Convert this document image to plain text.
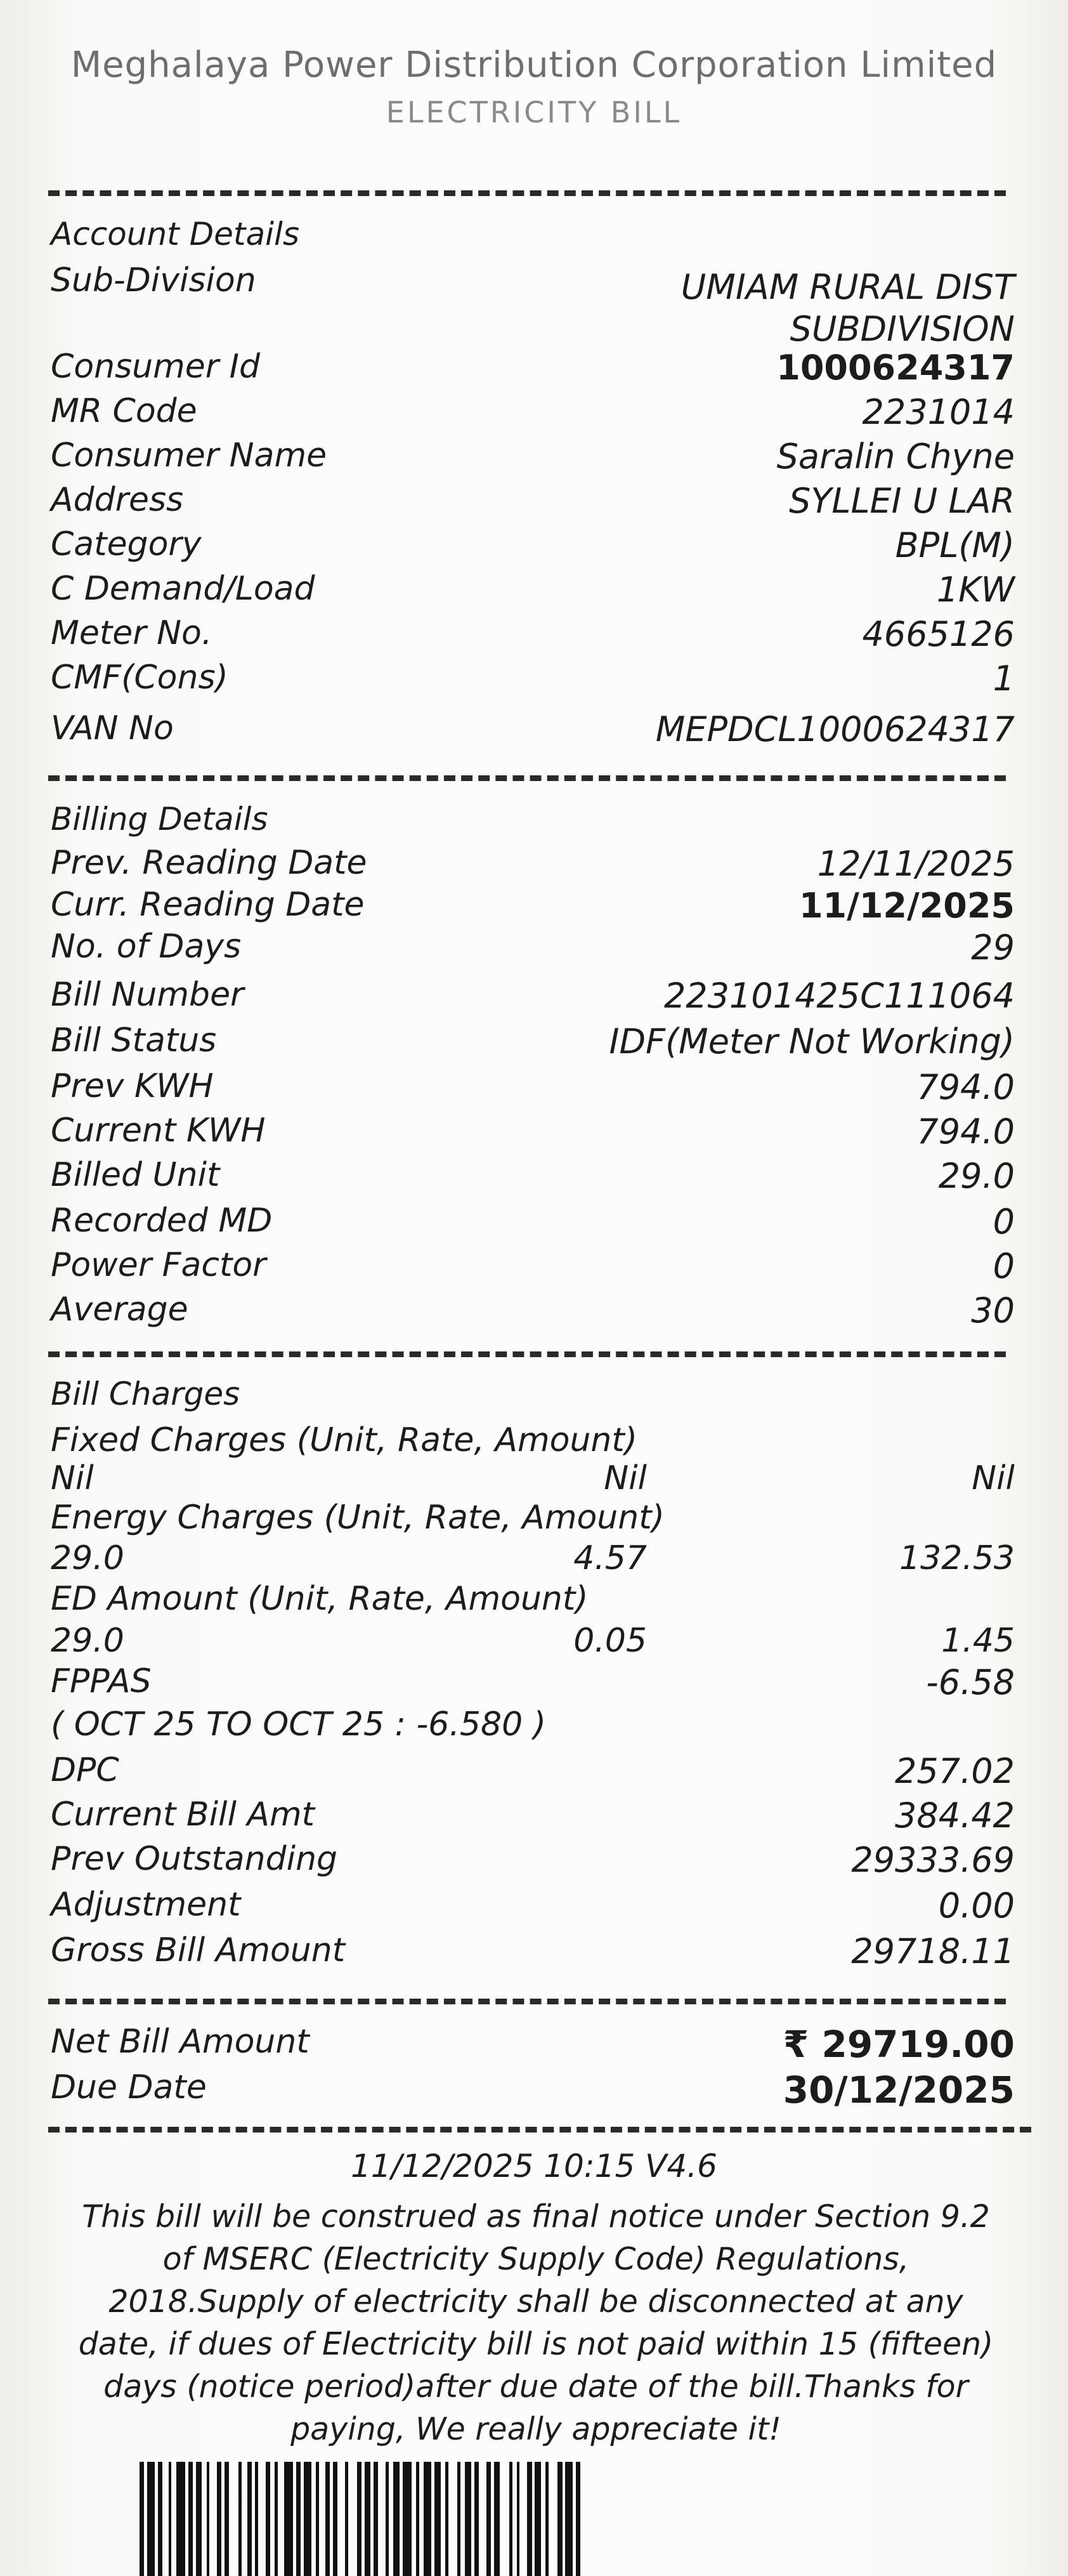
Meghalaya Power Distribution Corporation Limited
ELECTRICITY BILL
Account Details
Sub-Division	UMIAM RURAL DIST SUBDIVISION
Consumer Id	1000624317
MR Code	2231014
Consumer Name	Saralin Chyne
Address	SYLLEI U LAR
Category	BPL(M)
C Demand/Load	1KW
Meter No.	4665126
CMF(Cons)	1
VAN No	MEPDCL1000624317
Billing Details
Prev. Reading Date	12/11/2025
Curr. Reading Date	11/12/2025
No. of Days	29
Bill Number	223101425C111064
Bill Status	IDF(Meter Not Working)
Prev KWH	794.0
Current KWH	794.0
Billed Unit	29.0
Recorded MD	0
Power Factor	0
Average	30
Bill Charges
Fixed Charges (Unit, Rate, Amount)
Nil	Nil	Nil
Energy Charges (Unit, Rate, Amount)
29.0	4.57	132.53
ED Amount (Unit, Rate, Amount)
29.0	0.05	1.45
FPPAS	-6.58
( OCT 25 TO OCT 25 : -6.580 )
DPC	257.02
Current Bill Amt	384.42
Prev Outstanding	29333.69
Adjustment	0.00
Gross Bill Amount	29718.11
Net Bill Amount	₹ 29719.00
Due Date	30/12/2025
11/12/2025 10:15 V4.6
This bill will be construed as final notice under Section 9.2 of MSERC (Electricity Supply Code) Regulations, 2018.Supply of electricity shall be disconnected at any date, if dues of Electricity bill is not paid within 15 (fifteen) days (notice period)after due date of the bill.Thanks for paying, We really appreciate it!
